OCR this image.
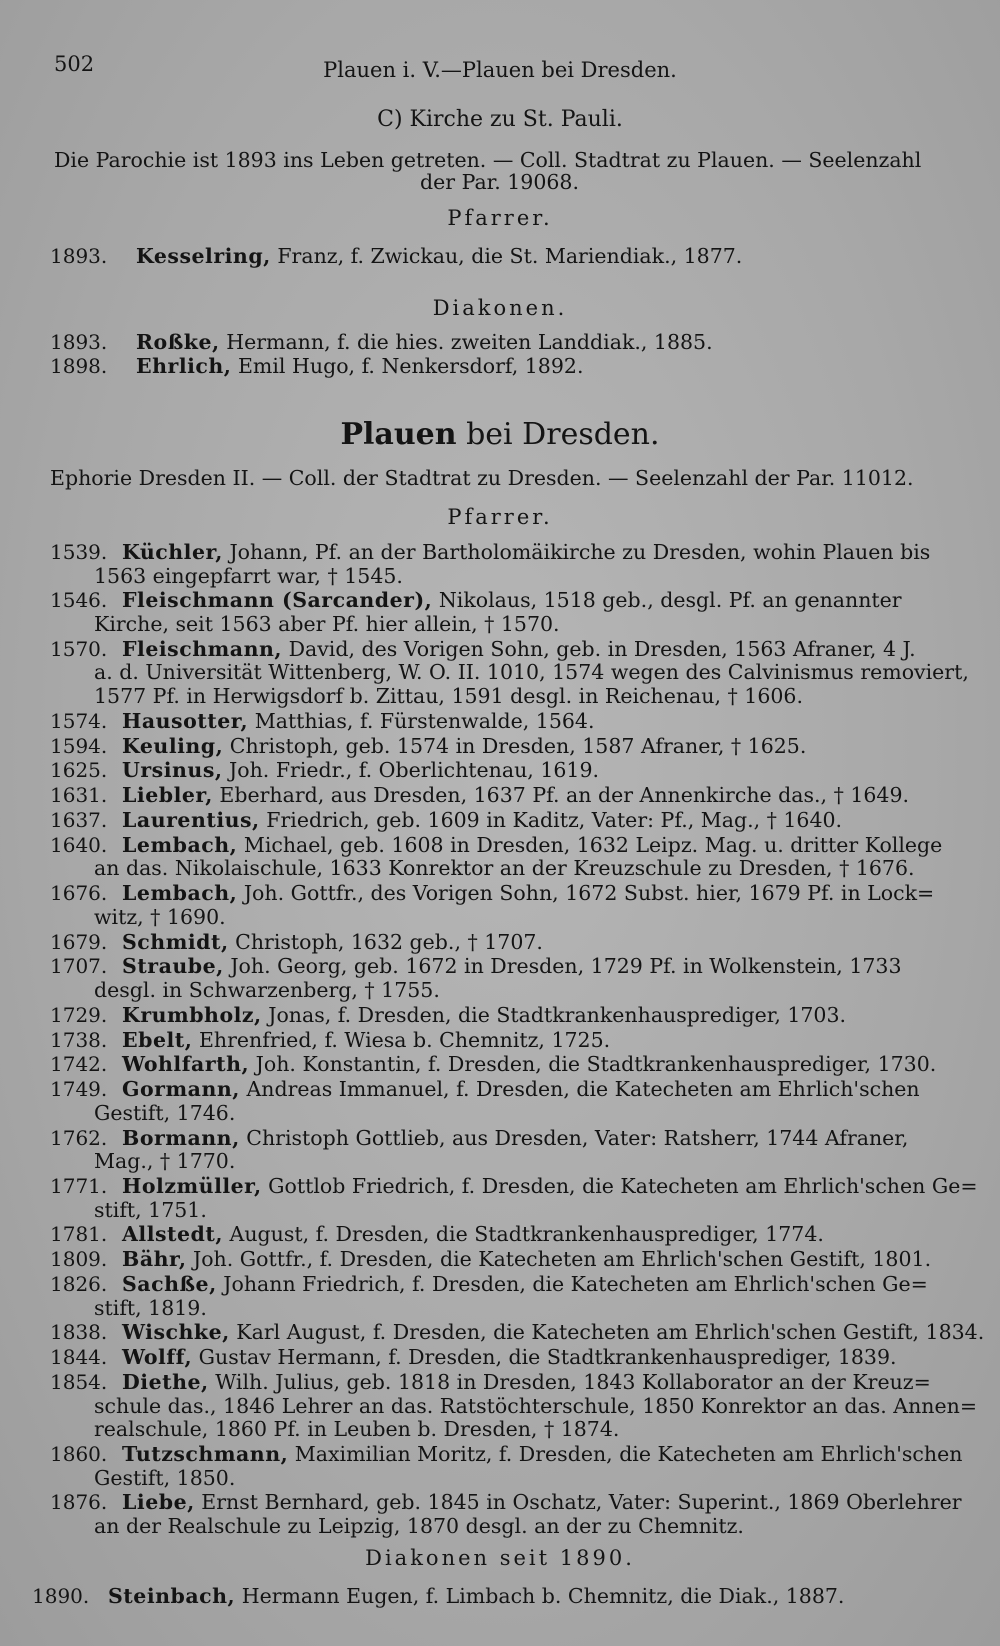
502	Plauen i. V.—Plauen bei Dresden.
C) Kirche zu St. Pauli.
Die Parochie ist 1893 ins Leben getreten. — Coll. Stadtrat zu Plauen. — Seelenzahl
der Par. 19068.
Pfarrer.
1893. Kesselring, Franz, f. Zwickau, die St. Mariendiak., 1877.
Diakonen.
1893. Roßke, Hermann, f. die hies. zweiten Landdiak., 1885.
1898. Ehrlich, Emil Hugo, f. Nenkersdorf, 1892.
Plauen bei Dresden.
Ephorie Dresden II. — Coll. der Stadtrat zu Dresden. — Seelenzahl der Par. 11012.
Pfarrer.
1539. Küchler, Johann, Pf. an der Bartholomäikirche zu Dresden, wohin Plauen bis
1563 eingepfarrt war, † 1545.
1546. Fleischmann (Sarcander), Nikolaus, 1518 geb., desgl. Pf. an genannter
Kirche, seit 1563 aber Pf. hier allein, † 1570.
1570. Fleischmann, David, des Vorigen Sohn, geb. in Dresden, 1563 Afraner, 4 J.
a. d. Universität Wittenberg, W. O. II. 1010, 1574 wegen des Calvinismus removiert,
1577 Pf. in Herwigsdorf b. Zittau, 1591 desgl. in Reichenau, † 1606.
1574. Hausotter, Matthias, f. Fürstenwalde, 1564.
1594. Keuling, Christoph, geb. 1574 in Dresden, 1587 Afraner, † 1625.
1625. Ursinus, Joh. Friedr., f. Oberlichtenau, 1619.
1631. Liebler, Eberhard, aus Dresden, 1637 Pf. an der Annenkirche das., † 1649.
1637. Laurentius, Friedrich, geb. 1609 in Kaditz, Vater: Pf., Mag., † 1640.
1640. Lembach, Michael, geb. 1608 in Dresden, 1632 Leipz. Mag. u. dritter Kollege
an das. Nikolaischule, 1633 Konrektor an der Kreuzschule zu Dresden, † 1676.
1676. Lembach, Joh. Gottfr., des Vorigen Sohn, 1672 Subst. hier, 1679 Pf. in Lock=
witz, † 1690.
1679. Schmidt, Christoph, 1632 geb., † 1707.
1707. Straube, Joh. Georg, geb. 1672 in Dresden, 1729 Pf. in Wolkenstein, 1733
desgl. in Schwarzenberg, † 1755.
1729. Krumbholz, Jonas, f. Dresden, die Stadtkrankenhausprediger, 1703.
1738. Ebelt, Ehrenfried, f. Wiesa b. Chemnitz, 1725.
1742. Wohlfarth, Joh. Konstantin, f. Dresden, die Stadtkrankenhausprediger, 1730.
1749. Gormann, Andreas Immanuel, f. Dresden, die Katecheten am Ehrlich'schen
Gestift, 1746.
1762. Bormann, Christoph Gottlieb, aus Dresden, Vater: Ratsherr, 1744 Afraner,
Mag., † 1770.
1771. Holzmüller, Gottlob Friedrich, f. Dresden, die Katecheten am Ehrlich'schen Ge=
stift, 1751.
1781. Allstedt, August, f. Dresden, die Stadtkrankenhausprediger, 1774.
1809. Bähr, Joh. Gottfr., f. Dresden, die Katecheten am Ehrlich'schen Gestift, 1801.
1826. Sachße, Johann Friedrich, f. Dresden, die Katecheten am Ehrlich'schen Ge=
stift, 1819.
1838. Wischke, Karl August, f. Dresden, die Katecheten am Ehrlich'schen Gestift, 1834.
1844. Wolff, Gustav Hermann, f. Dresden, die Stadtkrankenhausprediger, 1839.
1854. Diethe, Wilh. Julius, geb. 1818 in Dresden, 1843 Kollaborator an der Kreuz=
schule das., 1846 Lehrer an das. Ratstöchterschule, 1850 Konrektor an das. Annen=
realschule, 1860 Pf. in Leuben b. Dresden, † 1874.
1860. Tutzschmann, Maximilian Moritz, f. Dresden, die Katecheten am Ehrlich'schen
Gestift, 1850.
1876. Liebe, Ernst Bernhard, geb. 1845 in Oschatz, Vater: Superint., 1869 Oberlehrer
an der Realschule zu Leipzig, 1870 desgl. an der zu Chemnitz.
Diakonen seit 1890.
1890. Steinbach, Hermann Eugen, f. Limbach b. Chemnitz, die Diak., 1887.
